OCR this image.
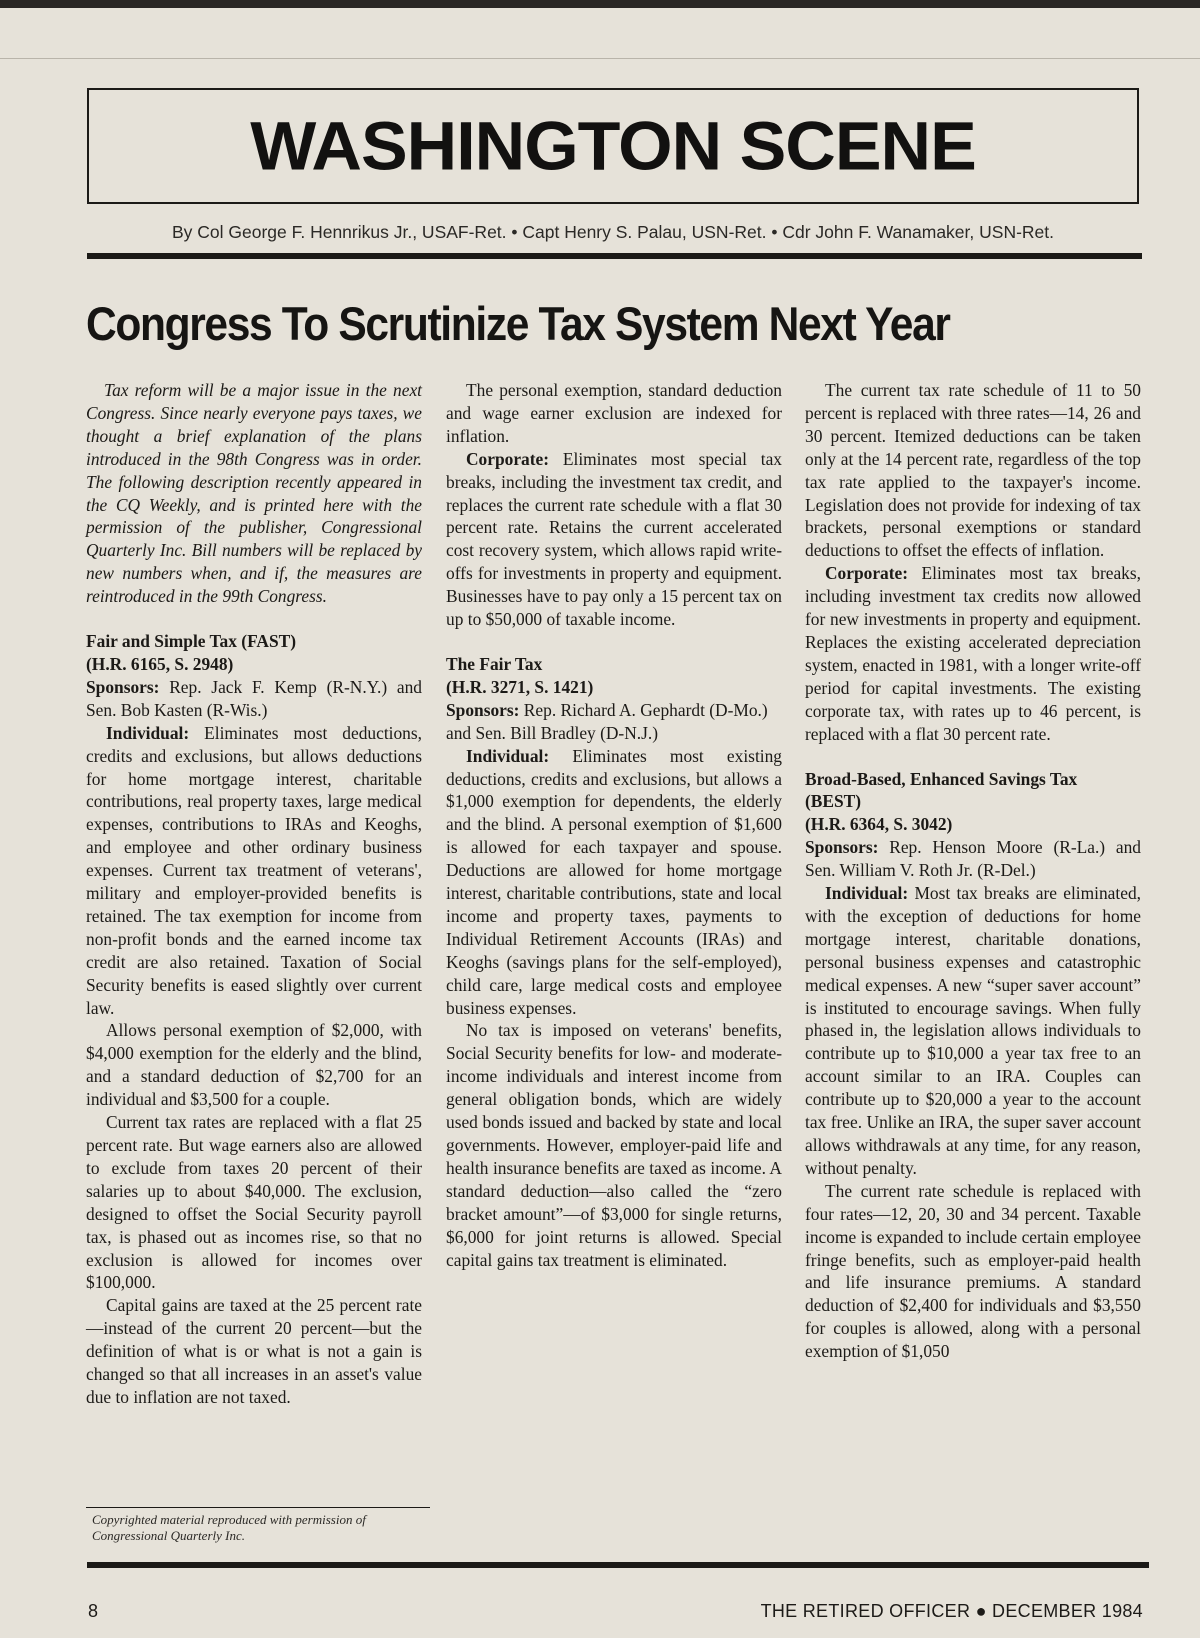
WASHINGTON SCENE
By Col George F. Hennrikus Jr., USAF-Ret. • Capt Henry S. Palau, USN-Ret. • Cdr John F. Wanamaker, USN-Ret.
Congress To Scrutinize Tax System Next Year

Tax reform will be a major issue in the next Congress. Since nearly everyone pays taxes, we thought a brief explanation of the plans introduced in the 98th Congress was in order. The following description recently appeared in the CQ Weekly, and is printed here with the permission of the publisher, Congressional Quarterly Inc. Bill numbers will be replaced by new numbers when, and if, the measures are reintroduced in the 99th Congress.

Fair and Simple Tax (FAST)

(H.R. 6165, S. 2948)

Sponsors: Rep. Jack F. Kemp (R-N.Y.) and Sen. Bob Kasten (R-Wis.)

Individual: Eliminates most deductions, credits and exclusions, but allows deductions for home mortgage interest, charitable contributions, real property taxes, large medical expenses, contributions to IRAs and Keoghs, and employee and other ordinary business expenses. Current tax treatment of veterans', military and employer-provided benefits is retained. The tax exemption for income from non-profit bonds and the earned income tax credit are also retained. Taxation of Social Security benefits is eased slightly over current law.

Allows personal exemption of $2,000, with $4,000 exemption for the elderly and the blind, and a standard deduction of $2,700 for an individual and $3,500 for a couple.

Current tax rates are replaced with a flat 25 percent rate. But wage earners also are allowed to exclude from taxes 20 percent of their salaries up to about $40,000. The exclusion, designed to offset the Social Security payroll tax, is phased out as incomes rise, so that no exclusion is allowed for incomes over $100,000.

Capital gains are taxed at the 25 percent rate—instead of the current 20 percent—but the definition of what is or what is not a gain is changed so that all increases in an asset's value due to inflation are not taxed.

Copyrighted material reproduced with permission of Congressional Quarterly Inc.

The personal exemption, standard deduction and wage earner exclusion are indexed for inflation.

Corporate: Eliminates most special tax breaks, including the investment tax credit, and replaces the current rate schedule with a flat 30 percent rate. Retains the current accelerated cost recovery system, which allows rapid write-offs for investments in property and equipment. Businesses have to pay only a 15 percent tax on up to $50,000 of taxable income.

The Fair Tax

(H.R. 3271, S. 1421)

Sponsors: Rep. Richard A. Gephardt (D-Mo.) and Sen. Bill Bradley (D-N.J.)

Individual: Eliminates most existing deductions, credits and exclusions, but allows a $1,000 exemption for dependents, the elderly and the blind. A personal exemption of $1,600 is allowed for each taxpayer and spouse. Deductions are allowed for home mortgage interest, charitable contributions, state and local income and property taxes, payments to Individual Retirement Accounts (IRAs) and Keoghs (savings plans for the self-employed), child care, large medical costs and employee business expenses.

No tax is imposed on veterans' benefits, Social Security benefits for low- and moderate-income individuals and interest income from general obligation bonds, which are widely used bonds issued and backed by state and local governments. However, employer-paid life and health insurance benefits are taxed as income. A standard deduction—also called the “zero bracket amount”—of $3,000 for single returns, $6,000 for joint returns is allowed. Special capital gains tax treatment is eliminated.

The current tax rate schedule of 11 to 50 percent is replaced with three rates—14, 26 and 30 percent. Itemized deductions can be taken only at the 14 percent rate, regardless of the top tax rate applied to the taxpayer's income. Legislation does not provide for indexing of tax brackets, personal exemptions or standard deductions to offset the effects of inflation.

Corporate: Eliminates most tax breaks, including investment tax credits now allowed for new investments in property and equipment. Replaces the existing accelerated depreciation system, enacted in 1981, with a longer write-off period for capital investments. The existing corporate tax, with rates up to 46 percent, is replaced with a flat 30 percent rate.

Broad-Based, Enhanced Savings Tax

(BEST)

(H.R. 6364, S. 3042)

Sponsors: Rep. Henson Moore (R-La.) and Sen. William V. Roth Jr. (R-Del.)

Individual: Most tax breaks are eliminated, with the exception of deductions for home mortgage interest, charitable donations, personal business expenses and catastrophic medical expenses. A new “super saver account” is instituted to encourage savings. When fully phased in, the legislation allows individuals to contribute up to $10,000 a year tax free to an account similar to an IRA. Couples can contribute up to $20,000 a year to the account tax free. Unlike an IRA, the super saver account allows withdrawals at any time, for any reason, without penalty.

The current rate schedule is replaced with four rates—12, 20, 30 and 34 percent. Taxable income is expanded to include certain employee fringe benefits, such as employer-paid health and life insurance premiums. A standard deduction of $2,400 for individuals and $3,550 for couples is allowed, along with a personal exemption of $1,050

8	THE RETIRED OFFICER ● DECEMBER 1984
